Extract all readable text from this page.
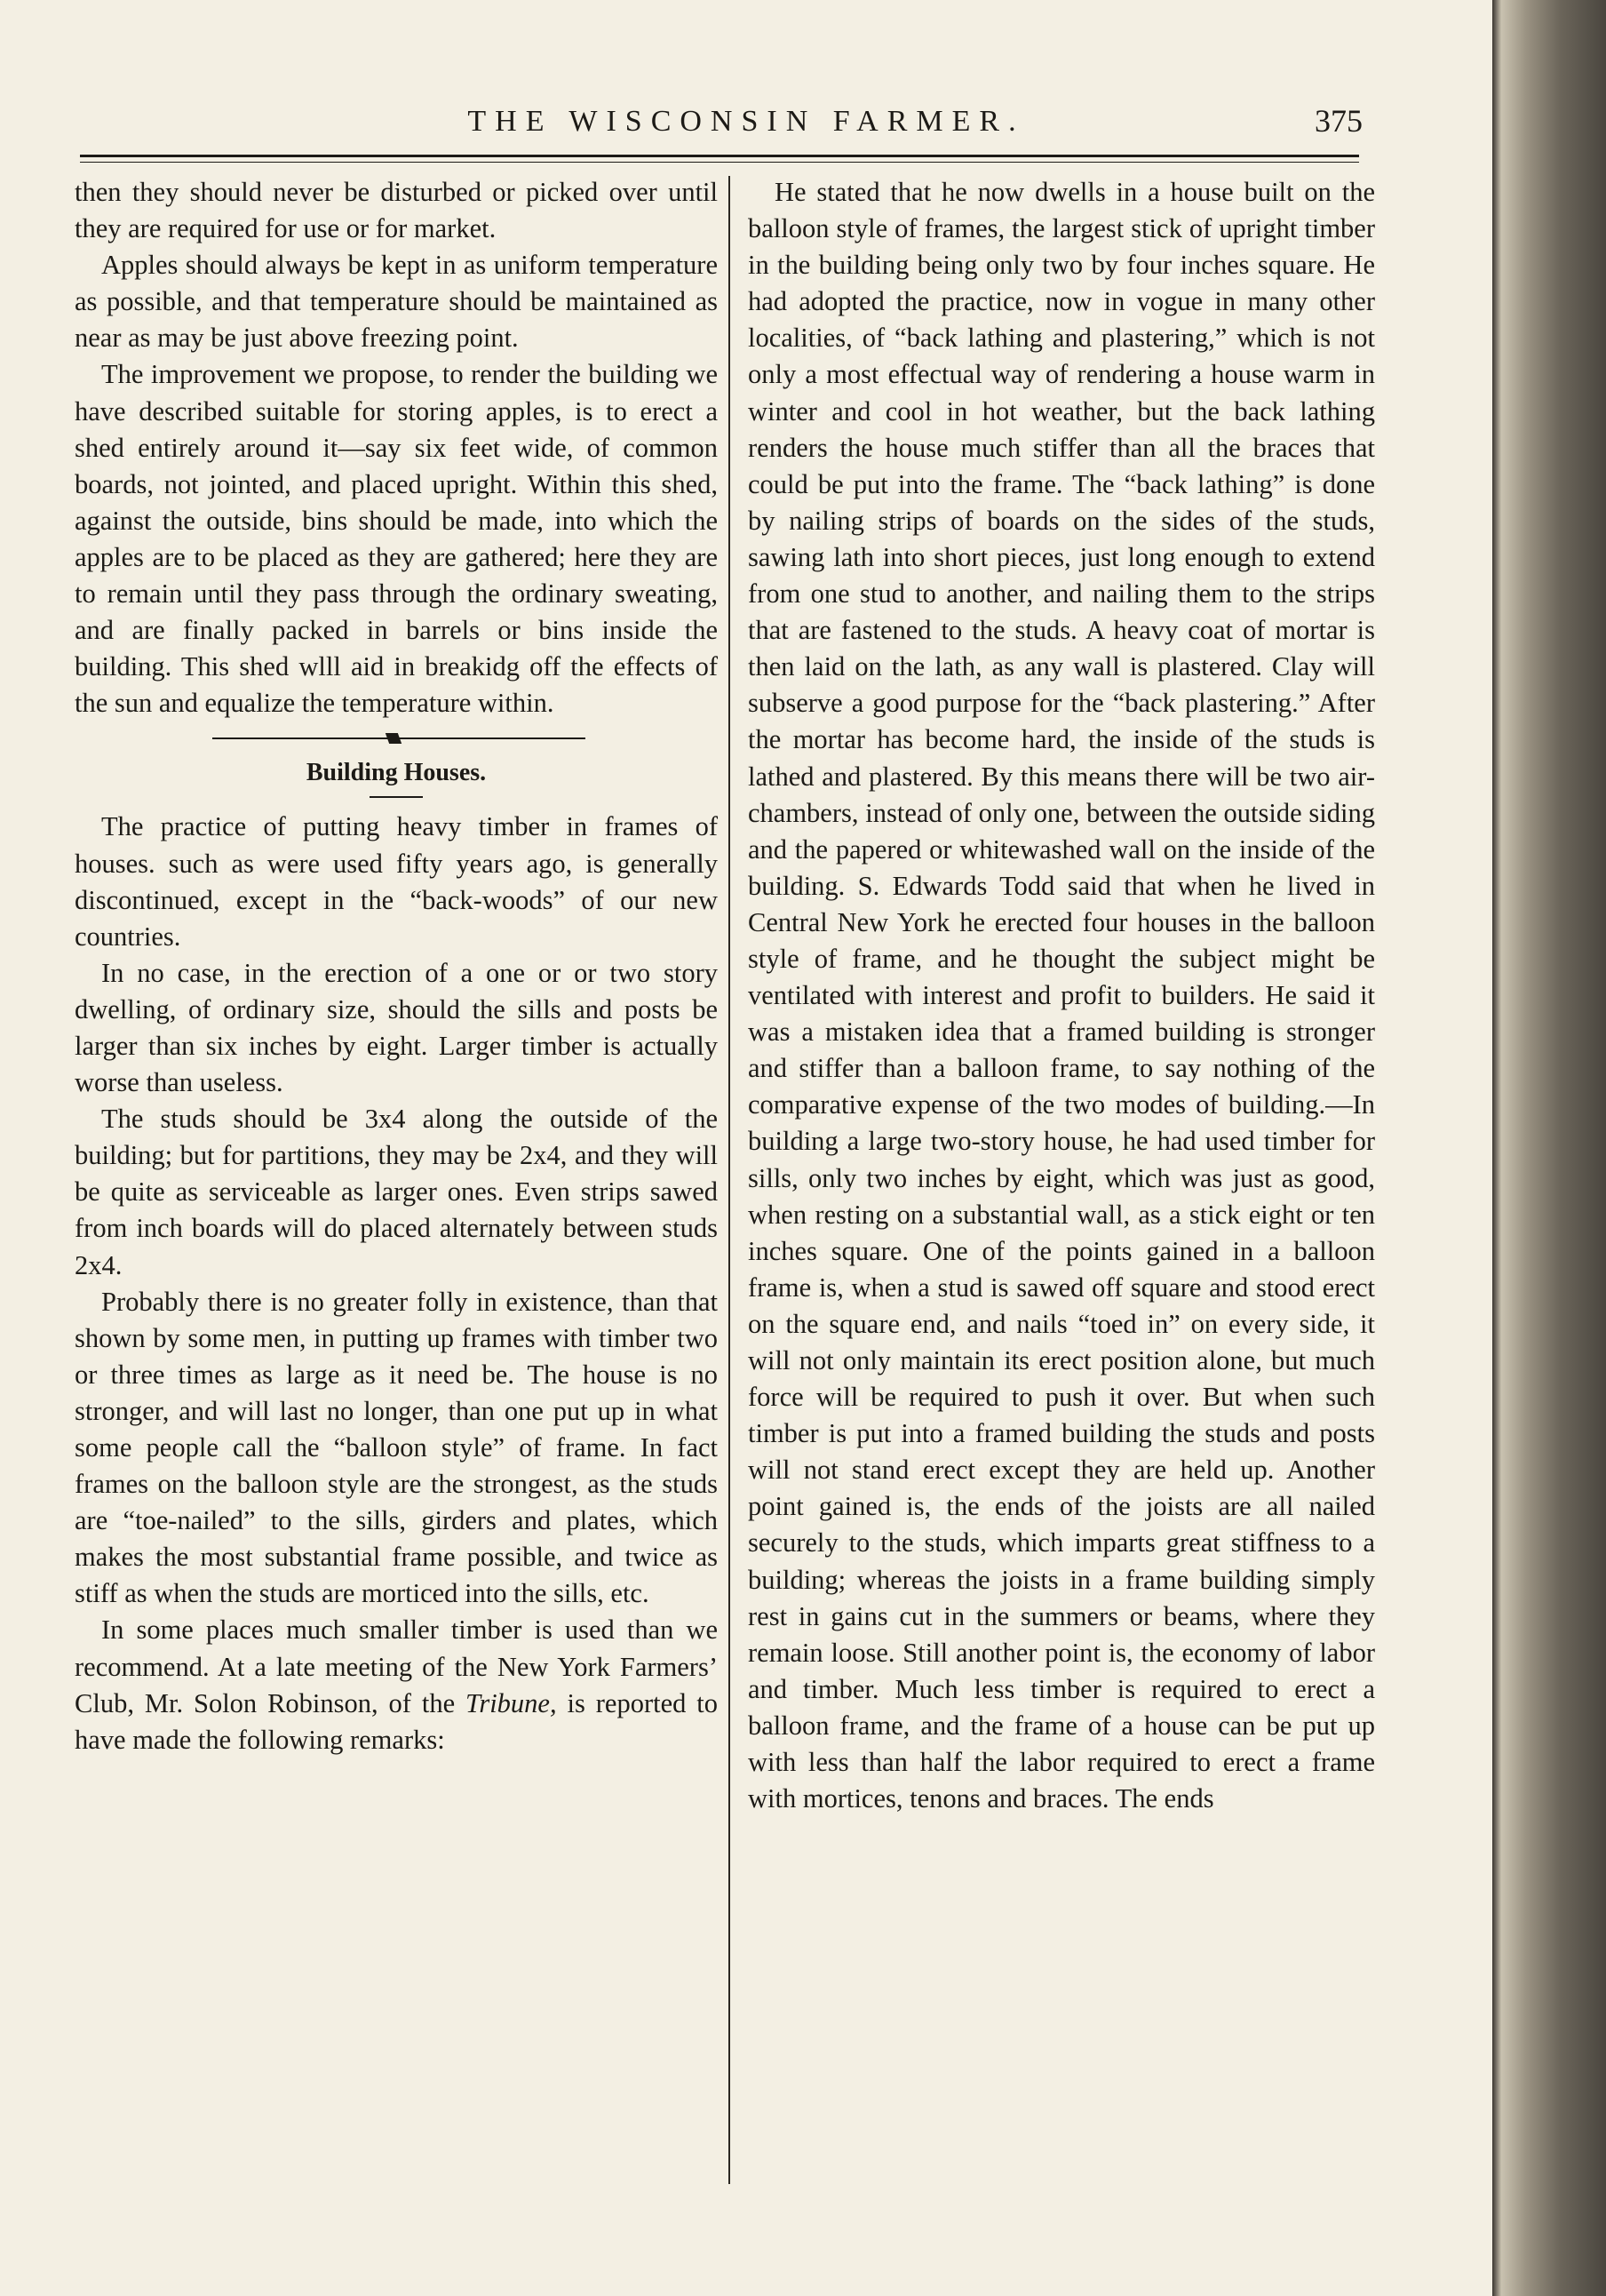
THE WISCONSIN FARMER.	375

then they should never be disturbed or picked over until they are required for use or for market.

Apples should always be kept in as uniform temperature as possible, and that temperature should be maintained as near as may be just above freezing point.

The improvement we propose, to render the building we have described suitable for storing apples, is to erect a shed entirely around it—say six feet wide, of common boards, not jointed, and placed upright. Within this shed, against the outside, bins should be made, into which the apples are to be placed as they are gathered; here they are to remain until they pass through the ordinary sweating, and are finally packed in barrels or bins inside the building. This shed wlll aid in breakidg off the effects of the sun and equalize the temperature within.

Building Houses.

The practice of putting heavy timber in frames of houses. such as were used fifty years ago, is generally discontinued, except in the “back-woods” of our new countries.

In no case, in the erection of a one or or two story dwelling, of ordinary size, should the sills and posts be larger than six inches by eight. Larger timber is actually worse than useless.

The studs should be 3x4 along the outside of the building; but for partitions, they may be 2x4, and they will be quite as serviceable as larger ones. Even strips sawed from inch boards will do placed alternately between studs 2x4.

Probably there is no greater folly in existence, than that shown by some men, in putting up frames with timber two or three times as large as it need be. The house is no stronger, and will last no longer, than one put up in what some people call the “balloon style” of frame. In fact frames on the balloon style are the strongest, as the studs are “toe-nailed” to the sills, girders and plates, which makes the most substantial frame possible, and twice as stiff as when the studs are morticed into the sills, etc.

In some places much smaller timber is used than we recommend. At a late meeting of the New York Farmers’ Club, Mr. Solon Robinson, of the Tribune, is reported to have made the following remarks:

He stated that he now dwells in a house built on the balloon style of frames, the largest stick of upright timber in the building being only two by four inches square. He had adopted the practice, now in vogue in many other localities, of “back lathing and plastering,” which is not only a most effectual way of rendering a house warm in winter and cool in hot weather, but the back lathing renders the house much stiffer than all the braces that could be put into the frame. The “back lathing” is done by nailing strips of boards on the sides of the studs, sawing lath into short pieces, just long enough to extend from one stud to another, and nailing them to the strips that are fastened to the studs. A heavy coat of mortar is then laid on the lath, as any wall is plastered. Clay will subserve a good purpose for the “back plastering.” After the mortar has become hard, the inside of the studs is lathed and plastered. By this means there will be two air-chambers, instead of only one, between the outside siding and the papered or whitewashed wall on the inside of the building. S. Edwards Todd said that when he lived in Central New York he erected four houses in the balloon style of frame, and he thought the subject might be ventilated with interest and profit to builders. He said it was a mistaken idea that a framed building is stronger and stiffer than a balloon frame, to say nothing of the comparative expense of the two modes of building.—In building a large two-story house, he had used timber for sills, only two inches by eight, which was just as good, when resting on a substantial wall, as a stick eight or ten inches square. One of the points gained in a balloon frame is, when a stud is sawed off square and stood erect on the square end, and nails “toed in” on every side, it will not only maintain its erect position alone, but much force will be required to push it over. But when such timber is put into a framed building the studs and posts will not stand erect except they are held up. Another point gained is, the ends of the joists are all nailed securely to the studs, which imparts great stiffness to a building; whereas the joists in a frame building simply rest in gains cut in the summers or beams, where they remain loose. Still another point is, the economy of labor and timber. Much less timber is required to erect a balloon frame, and the frame of a house can be put up with less than half the labor required to erect a frame with mortices, tenons and braces. The ends
